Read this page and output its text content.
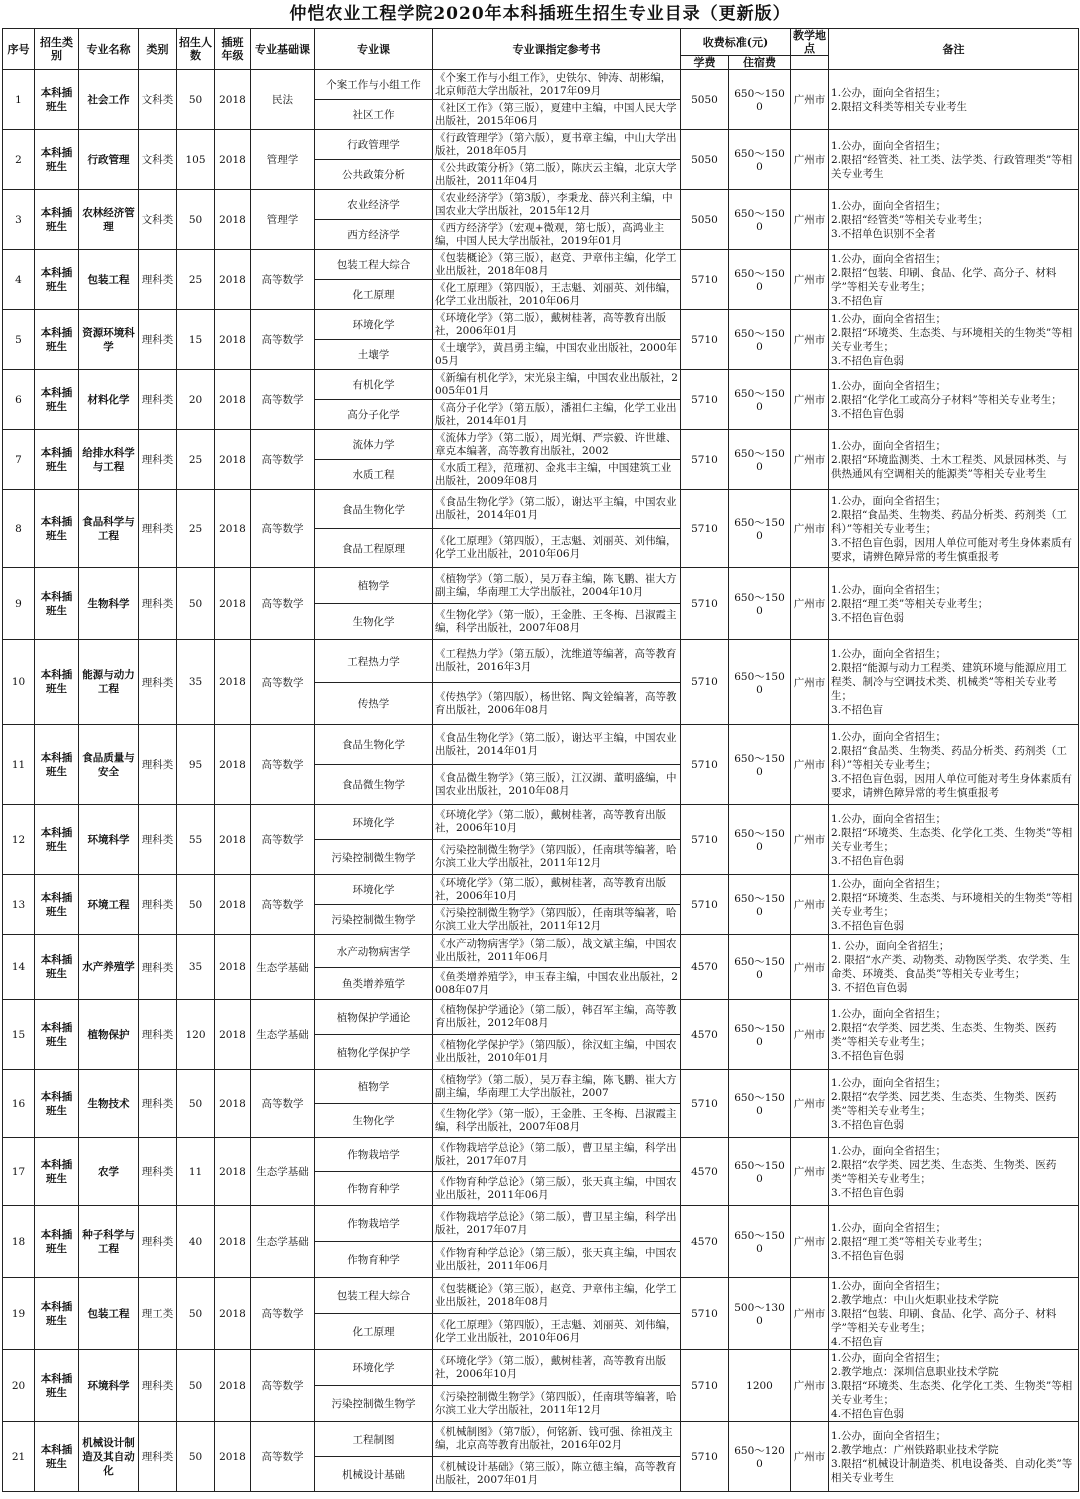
仲恺农业工程学院2020年本科插班生招生专业目录（更新版）
序号	招生类别	专业名称	类别	招生人数	插班年级	专业基础课	专业课	专业课指定参考书	收费标准(元)		教学地点	备注
									学费	住宿费		
1	本科插班生	社会工作	文科类	50	2018	民法	个案工作与小组工作	《个案工作与小组工作》，史铁尔、钟涛、胡彬编，北京师范大学出版社，2017年09月	5050	650～1500	广州市	1.公办，面向全省招生；
2.限招文科类等相关专业考生
							社区工作	《社区工作》（第三版），夏建中主编，中国人民大学出版社，2015年06月				
2	本科插班生	行政管理	文科类	105	2018	管理学	行政管理学	《行政管理学》（第六版），夏书章主编，中山大学出版社，2018年05月	5050	650～1500	广州市	1.公办，面向全省招生；
2.限招“经管类、社工类、法学类、行政管理类”等相关专业考生
							公共政策分析	《公共政策分析》（第二版），陈庆云主编，北京大学出版社，2011年04月				
3	本科插班生	农林经济管理	文科类	50	2018	管理学	农业经济学	《农业经济学》（第3版），李秉龙、薛兴利主编，中国农业大学出版社，2015年12月	5050	650～1500	广州市	1.公办，面向全省招生；
2.限招“经管类”等相关专业考生；
3.不招单色识别不全者
							西方经济学	《西方经济学》（宏观+微观，第七版），高鸿业主编，中国人民大学出版社，2019年01月				
4	本科插班生	包装工程	理科类	25	2018	高等数学	包装工程大综合	《包装概论》（第三版），赵竞、尹章伟主编，化学工业出版社，2018年08月	5710	650～1500	广州市	1.公办，面向全省招生；
2.限招“包装、印刷、食品、化学、高分子、材料学”等相关专业考生；
3.不招色盲
							化工原理	《化工原理》（第四版），王志魁、刘丽英、刘伟编，化学工业出版社，2010年06月				
5	本科插班生	资源环境科学	理科类	15	2018	高等数学	环境化学	《环境化学》（第二版），戴树桂著，高等教育出版社，2006年01月	5710	650～1500	广州市	1.公办，面向全省招生；
2.限招“环境类、生态类、与环境相关的生物类”等相关专业考生；
3.不招色盲色弱
							土壤学	《土壤学》，黄昌勇主编，中国农业出版社，2000年05月				
6	本科插班生	材料化学	理科类	20	2018	高等数学	有机化学	《新编有机化学》，宋光泉主编，中国农业出版社，2005年01月	5710	650～1500	广州市	1.公办，面向全省招生；
2.限招“化学化工或高分子材料”等相关专业考生；
3.不招色盲色弱
							高分子化学	《高分子化学》（第五版），潘祖仁主编，化学工业出版社，2014年01月				
7	本科插班生	给排水科学与工程	理科类	25	2018	高等数学	流体力学	《流体力学》（第二版），周光炯、严宗毅、许世雄、章克本编著，高等教育出版社，2002	5710	650～1500	广州市	1.公办，面向全省招生；
2.限招“环境监测类、土木工程类、风景园林类、与供热通风有空调相关的能源类”等相关专业考生
							水质工程	《水质工程》，范瑾初、金兆丰主编，中国建筑工业出版社，2009年08月				
8	本科插班生	食品科学与工程	理科类	25	2018	高等数学	食品生物化学	《食品生物化学》（第二版），谢达平主编，中国农业出版社，2014年01月	5710	650～1500	广州市	1.公办，面向全省招生；
2.限招“食品类、生物类、药品分析类、药剂类（工科）”等相关专业考生；
3.不招色盲色弱，因用人单位可能对考生身体素质有要求，请辨色障异常的考生慎重报考
							食品工程原理	《化工原理》（第四版），王志魁、刘丽英、刘伟编，化学工业出版社，2010年06月				
9	本科插班生	生物科学	理科类	50	2018	高等数学	植物学	《植物学》（第二版），吴万春主编，陈飞鹏、崔大方副主编，华南理工大学出版社，2004年10月	5710	650～1500	广州市	1.公办，面向全省招生；
2.限招“理工类”等相关专业考生；
3.不招色盲色弱
							生物化学	《生物化学》（第一版），王金胜、王冬梅、吕淑霞主编，科学出版社，2007年08月				
10	本科插班生	能源与动力工程	理科类	35	2018	高等数学	工程热力学	《工程热力学》（第五版），沈维道等编著，高等教育出版社，2016年3月	5710	650～1500	广州市	1.公办，面向全省招生；
2.限招“能源与动力工程类、建筑环境与能源应用工程类、制冷与空调技术类、机械类”等相关专业考生；
3.不招色盲
							传热学	《传热学》（第四版），杨世铭、陶文铨编著，高等教育出版社，2006年08月				
11	本科插班生	食品质量与安全	理科类	95	2018	高等数学	食品生物化学	《食品生物化学》（第二版），谢达平主编，中国农业出版社，2014年01月	5710	650～1500	广州市	1.公办，面向全省招生；
2.限招“食品类、生物类、药品分析类、药剂类（工科）”等相关专业考生；
3.不招色盲色弱，因用人单位可能对考生身体素质有要求，请辨色障异常的考生慎重报考
							食品微生物学	《食品微生物学》（第三版），江汉湖、董明盛编，中国农业出版社，2010年08月				
12	本科插班生	环境科学	理科类	55	2018	高等数学	环境化学	《环境化学》（第二版），戴树桂著，高等教育出版社，2006年10月	5710	650～1500	广州市	1.公办，面向全省招生；
2.限招“环境类、生态类、化学化工类、生物类”等相关专业考生；
3.不招色盲色弱
							污染控制微生物学	《污染控制微生物学》（第四版），任南琪等编著，哈尔滨工业大学出版社，2011年12月				
13	本科插班生	环境工程	理科类	50	2018	高等数学	环境化学	《环境化学》（第二版），戴树桂著，高等教育出版社，2006年10月	5710	650～1500	广州市	1.公办，面向全省招生；
2.限招“环境类、生态类、与环境相关的生物类”等相关专业考生；
3.不招色盲色弱
							污染控制微生物学	《污染控制微生物学》（第四版），任南琪等编著，哈尔滨工业大学出版社，2011年12月				
14	本科插班生	水产养殖学	理科类	35	2018	生态学基础	水产动物病害学	《水产动物病害学》（第二版），战文斌主编，中国农业出版社，2011年06月	4570	650～1500	广州市	1. 公办，面向全省招生；
2. 限招“水产类、动物类、动物医学类、农学类、生命类、环境类、食品类”等相关专业考生；
3. 不招色盲色弱
							鱼类增养殖学	《鱼类增养殖学》，申玉春主编，中国农业出版社，2008年07月				
15	本科插班生	植物保护	理科类	120	2018	生态学基础	植物保护学通论	《植物保护学通论》（第二版），韩召军主编，高等教育出版社，2012年08月	4570	650～1500	广州市	1.公办，面向全省招生；
2.限招“农学类、园艺类、生态类、生物类、医药类”等相关专业考生；
3.不招色盲色弱
							植物化学保护学	《植物化学保护学》（第四版），徐汉虹主编，中国农业出版社，2010年01月				
16	本科插班生	生物技术	理科类	50	2018	高等数学	植物学	《植物学》（第二版），吴万春主编，陈飞鹏、崔大方副主编，华南理工大学出版社，2007	5710	650～1500	广州市	1.公办，面向全省招生；
2.限招“农学类、园艺类、生态类、生物类、医药类”等相关专业考生；
3.不招色盲色弱
							生物化学	《生物化学》（第一版），王金胜、王冬梅、吕淑霞主编，科学出版社，2007年08月				
17	本科插班生	农学	理科类	11	2018	生态学基础	作物栽培学	《作物栽培学总论》（第二版），曹卫星主编，科学出版社，2017年07月	4570	650～1500	广州市	1.公办，面向全省招生；
2.限招“农学类、园艺类、生态类、生物类、医药类”等相关专业考生；
3.不招色盲色弱
							作物育种学	《作物育种学总论》（第三版），张天真主编，中国农业出版社，2011年06月				
18	本科插班生	种子科学与工程	理科类	40	2018	生态学基础	作物栽培学	《作物栽培学总论》（第二版），曹卫星主编，科学出版社，2017年07月	4570	650～1500	广州市	1.公办，面向全省招生；
2.限招“理工类”等相关专业考生；
3.不招色盲色弱
							作物育种学	《作物育种学总论》（第三版），张天真主编，中国农业出版社，2011年06月				
19	本科插班生	包装工程	理工类	50	2018	高等数学	包装工程大综合	《包装概论》（第三版），赵竞、尹章伟主编，化学工业出版社，2018年08月	5710	500～1300	广州市	1.公办，面向全省招生；
2.教学地点：中山火炬职业技术学院
3.限招“包装、印刷、食品、化学、高分子、材料学”等相关专业考生；
4.不招色盲
							化工原理	《化工原理》（第四版），王志魁、刘丽英、刘伟编，化学工业出版社，2010年06月				
20	本科插班生	环境科学	理科类	50	2018	高等数学	环境化学	《环境化学》（第二版），戴树桂著，高等教育出版社，2006年10月	5710	1200	广州市	1.公办，面向全省招生；
2.教学地点：深圳信息职业技术学院
3.限招“环境类、生态类、化学化工类、生物类”等相关专业考生；
4.不招色盲色弱
							污染控制微生物学	《污染控制微生物学》（第四版），任南琪等编著，哈尔滨工业大学出版社，2011年12月				
21	本科插班生	机械设计制造及其自动化	理科类	50	2018	高等数学	工程制图	《机械制图》（第7版），何铭新、钱可强、徐祖茂主编，北京高等教育出版社，2016年02月	5710	650～1200	广州市	1.公办，面向全省招生；
2.教学地点：广州铁路职业技术学院
3.限招“机械设计制造类、机电设备类、自动化类”等相关专业考生
							机械设计基础	《机械设计基础》（第三版），陈立德主编，高等教育出版社，2007年01月				
